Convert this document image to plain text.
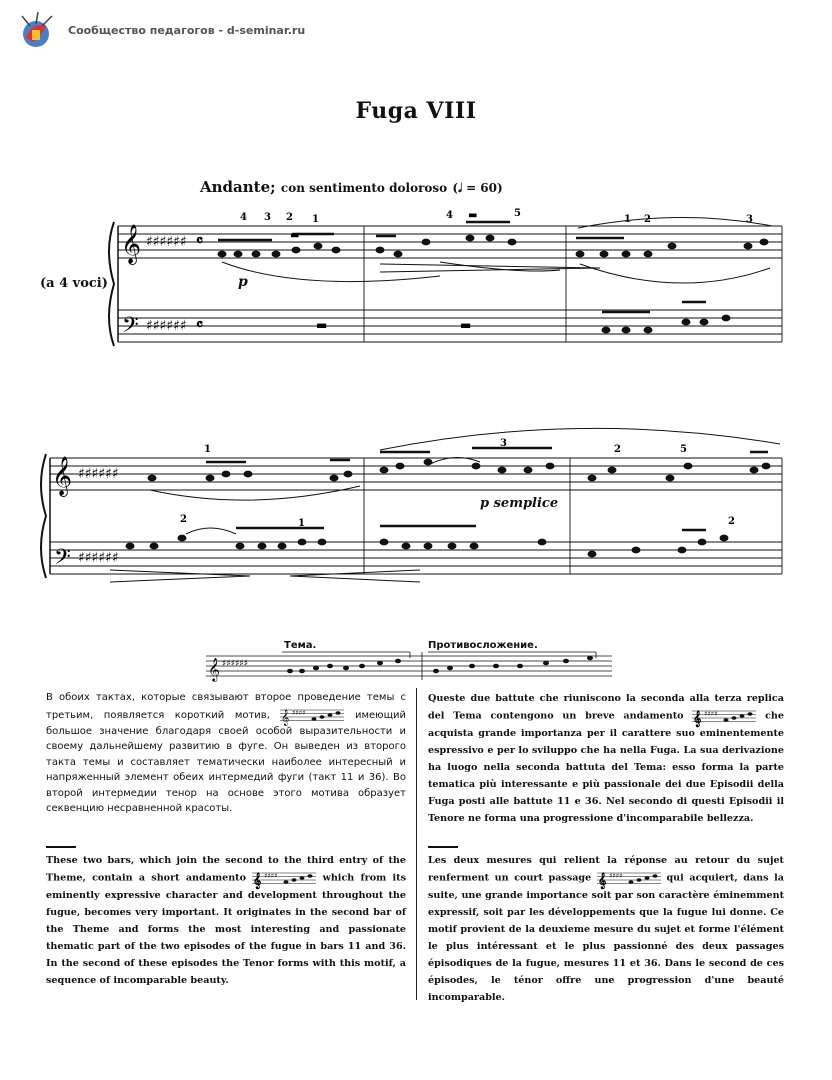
Сообщество педагогов - d-seminar.ru
Fuga VIII
Andante; con sentimento doloroso (𝅗𝅥 = 60)
(a 4 voci)	p
p semplice
𝄞
𝄢
♯♯♯♯♯♯
♯♯♯♯♯♯
𝄴
𝄴	▬	▬
▬
▬
4 3 2 1	4	5
1 2	3
𝄞
𝄢
♯♯♯♯♯♯
♯♯♯♯♯♯
1
2	1
3
2	5
2
𝄞 ♯♯♯♯♯♯
Тема.	Противосложение.
В обоих тактах, которые связывают второе проведение темы с третьим, появляется короткий мотив, 𝄞 ♯♯♯♯	имеющий большое значение благодаря своей особой выразительности и своему дальнейшему развитию в фуге. Он выведен из второго такта темы и составляет тематически наиболее интересный и напряженный элемент обеих интермедий фуги (такт 11 и 36). Во второй интермедии тенор на основе этого мотива образует секвенцию несравненной красоты.
These two bars, which join the second to the third entry of the Theme, contain a short andamento 𝄞 ♯♯♯♯	which from its eminently expressive character and development throughout the fugue, becomes very important. It originates in the second bar of the Theme and forms the most interesting and passionate thematic part of the two episodes of the fugue in bars 11 and 36. In the second of these episodes the Tenor forms with this motif, a sequence of incomparable beauty.
Queste due battute che riuniscono la seconda alla terza replica del Tema contengono un breve andamento 𝄞 ♯♯♯♯	che acquista grande importanza per il carattere suo eminentemente espressivo e per lo sviluppo che ha nella Fuga. La sua derivazione ha luogo nella seconda battuta del Tema: esso forma la parte tematica più interessante e più passionale dei due Episodii della Fuga posti alle battute 11 e 36. Nel secondo di questi Episodii il Tenore ne forma una progressione d'incomparabile bellezza.
Les deux mesures qui relient la réponse au retour du sujet renferment un court passage 𝄞 ♯♯♯♯	qui acquiert, dans la suite, une grande importance soit par son caractère éminemment expressif, soit par les développements que la fugue lui donne. Ce motif provient de la deuxieme mesure du sujet et forme l'élément le plus intéressant et le plus passionné des deux passages épisodiques de la fugue, mesures 11 et 36. Dans le second de ces épisodes, le ténor offre une progression d'une beauté incomparable.
